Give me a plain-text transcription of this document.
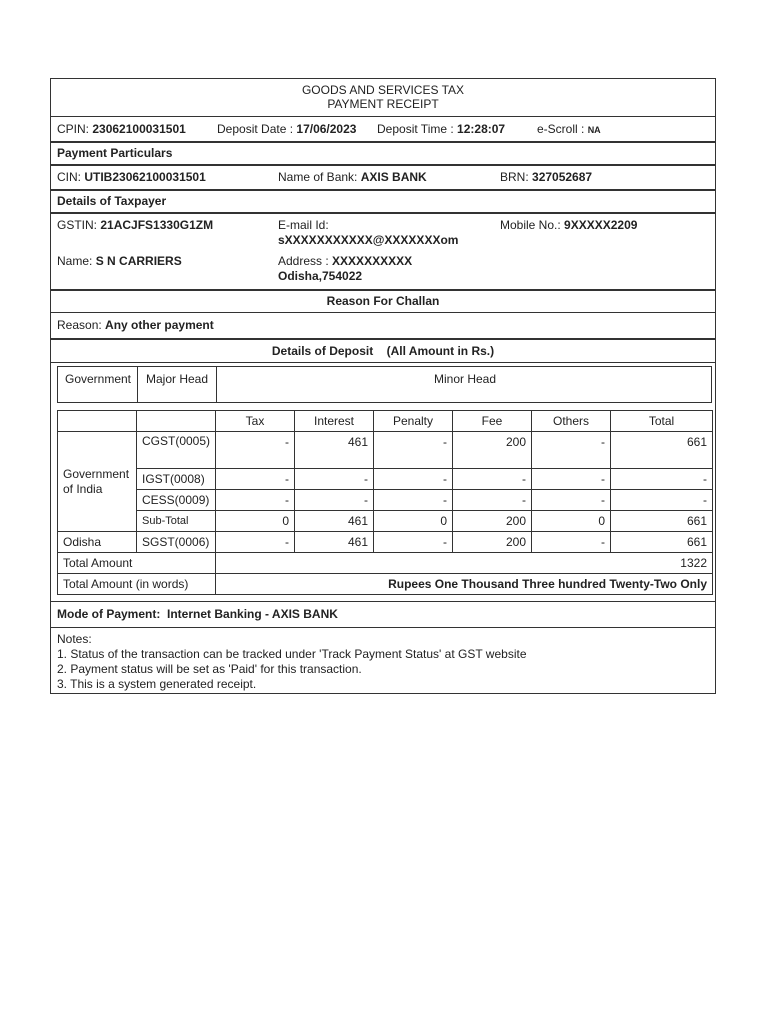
GOODS AND SERVICES TAX
PAYMENT RECEIPT
CPIN: 23062100031501	Deposit Date : 17/06/2023 Deposit Time : 12:28:07	e-Scroll : NA
Payment Particulars
CIN: UTIB23062100031501	Name of Bank: AXIS BANK	BRN: 327052687
Details of Taxpayer
GSTIN: 21ACJFS1330G1ZM	E-mail Id:
sXXXXXXXXXXX@XXXXXXXom
Mobile No.: 9XXXXX2209
Name: S N CARRIERS	Address : XXXXXXXXXX
Odisha,754022
Reason For Challan
Reason: Any other payment
Details of Deposit (All Amount in Rs.)
Government	Major Head	Minor Head
		Tax	Interest	Penalty	Fee	Others	Total
Government of India	CGST(0005)	-	461	-	200	-	661
	IGST(0008)	-	-	-	-	-	-
	CESS(0009)	-	-	-	-	-	-
	Sub-Total	0	461	0	200	0	661
Odisha	SGST(0006)	-	461	-	200	-	661
Total Amount		1322					
Total Amount (in words)		Rupees One Thousand Three hundred Twenty-Two Only					
Mode of Payment: Internet Banking - AXIS BANK
Notes:
1. Status of the transaction can be tracked under 'Track Payment Status' at GST website
2. Payment status will be set as 'Paid' for this transaction.
3. This is a system generated receipt.
